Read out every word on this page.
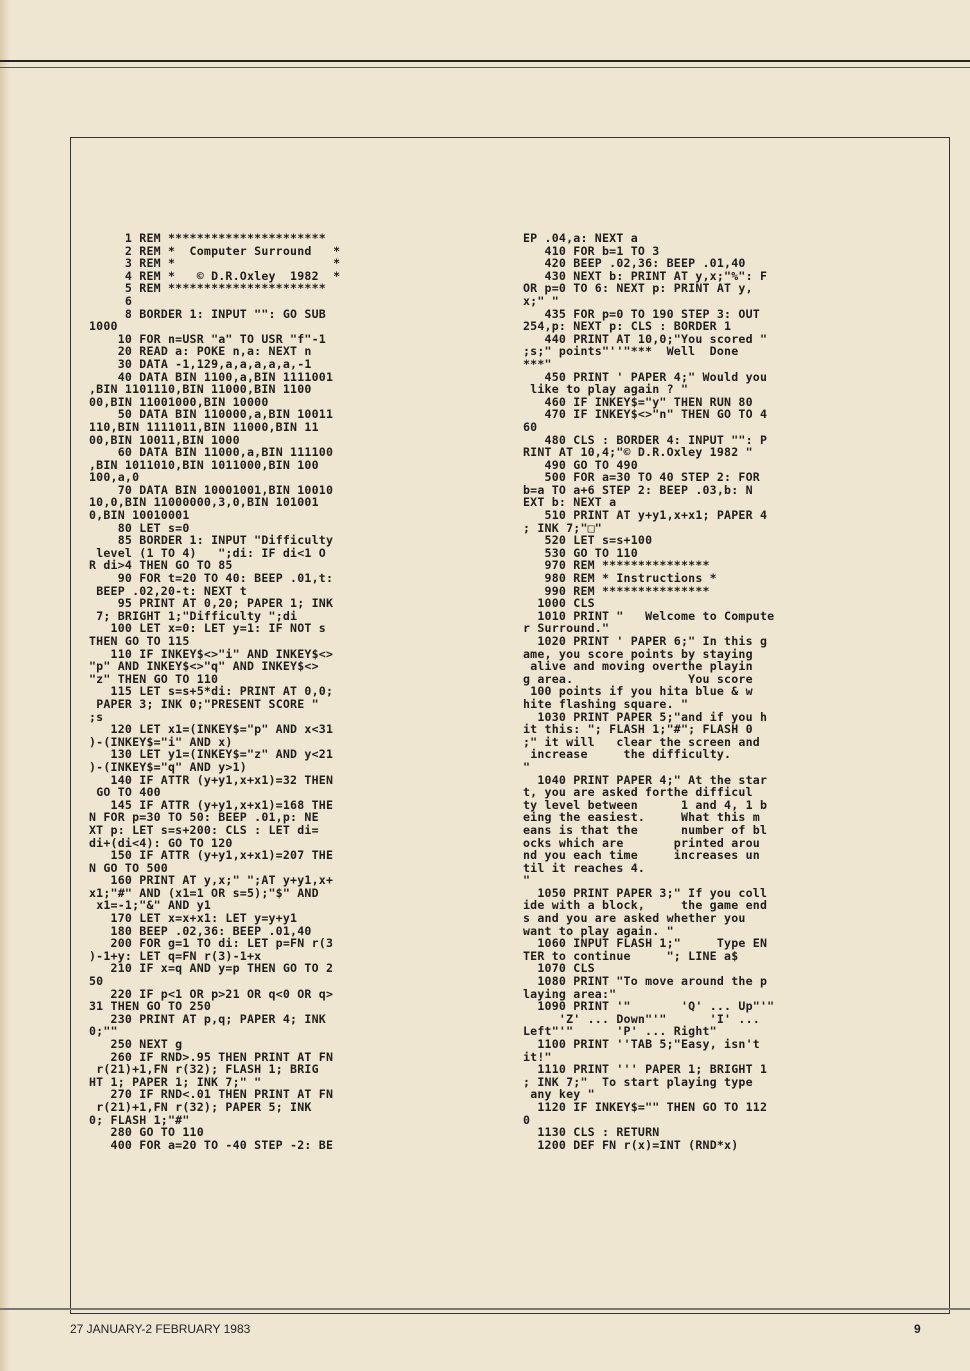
1 REM **********************
2 REM *  Computer Surround   *
3 REM *                      *
4 REM *   © D.R.Oxley  1982  *
5 REM **********************
6
8 BORDER 1: INPUT "": GO SUB
1000
10 FOR n=USR "a" TO USR "f"-1
20 READ a: POKE n,a: NEXT n
30 DATA -1,129,a,a,a,a,a,-1
40 DATA BIN 1100,a,BIN 1111001
,BIN 1101110,BIN 11000,BIN 1100
00,BIN 11001000,BIN 10000
50 DATA BIN 110000,a,BIN 10011
110,BIN 1111011,BIN 11000,BIN 11
00,BIN 10011,BIN 1000
60 DATA BIN 11000,a,BIN 111100
,BIN 1011010,BIN 1011000,BIN 100
100,a,0
70 DATA BIN 10001001,BIN 10010
10,0,BIN 11000000,3,0,BIN 101001
0,BIN 10010001
80 LET s=0
85 BORDER 1: INPUT "Difficulty
level (1 TO 4)   ";di: IF di<1 O
R di>4 THEN GO TO 85
90 FOR t=20 TO 40: BEEP .01,t:
BEEP .02,20-t: NEXT t
95 PRINT AT 0,20; PAPER 1; INK
7; BRIGHT 1;"Difficulty ";di
100 LET x=0: LET y=1: IF NOT s
THEN GO TO 115
110 IF INKEY$<>"i" AND INKEY$<>
"p" AND INKEY$<>"q" AND INKEY$<>
"z" THEN GO TO 110
115 LET s=s+5*di: PRINT AT 0,0;
PAPER 3; INK 0;"PRESENT SCORE "
;s
120 LET x1=(INKEY$="p" AND x<31
)-(INKEY$="i" AND x)
130 LET y1=(INKEY$="z" AND y<21
)-(INKEY$="q" AND y>1)
140 IF ATTR (y+y1,x+x1)=32 THEN
GO TO 400
145 IF ATTR (y+y1,x+x1)=168 THE
N FOR p=30 TO 50: BEEP .01,p: NE
XT p: LET s=s+200: CLS : LET di=
di+(di<4): GO TO 120
150 IF ATTR (y+y1,x+x1)=207 THE
N GO TO 500
160 PRINT AT y,x;" ";AT y+y1,x+
x1;"#" AND (x1=1 OR s=5);"$" AND
x1=-1;"&" AND y1
170 LET x=x+x1: LET y=y+y1
180 BEEP .02,36: BEEP .01,40
200 FOR g=1 TO di: LET p=FN r(3
)-1+y: LET q=FN r(3)-1+x
210 IF x=q AND y=p THEN GO TO 2
50
220 IF p<1 OR p>21 OR q<0 OR q>
31 THEN GO TO 250
230 PRINT AT p,q; PAPER 4; INK
0;""
250 NEXT g
260 IF RND>.95 THEN PRINT AT FN
r(21)+1,FN r(32); FLASH 1; BRIG
HT 1; PAPER 1; INK 7;" "
270 IF RND<.01 THEN PRINT AT FN
r(21)+1,FN r(32); PAPER 5; INK
0; FLASH 1;"#"
280 GO TO 110
400 FOR a=20 TO -40 STEP -2: BE
EP .04,a: NEXT a
410 FOR b=1 TO 3
420 BEEP .02,36: BEEP .01,40
430 NEXT b: PRINT AT y,x;"%": F
OR p=0 TO 6: NEXT p: PRINT AT y,
x;" "
435 FOR p=0 TO 190 STEP 3: OUT
254,p: NEXT p: CLS : BORDER 1
440 PRINT AT 10,0;"You scored "
;s;" points"''"***  Well  Done
***"
450 PRINT ' PAPER 4;" Would you
like to play again ? "
460 IF INKEY$="y" THEN RUN 80
470 IF INKEY$<>"n" THEN GO TO 4
60
480 CLS : BORDER 4: INPUT "": P
RINT AT 10,4;"© D.R.Oxley 1982 "
490 GO TO 490
500 FOR a=30 TO 40 STEP 2: FOR
b=a TO a+6 STEP 2: BEEP .03,b: N
EXT b: NEXT a
510 PRINT AT y+y1,x+x1; PAPER 4
; INK 7;"□"
520 LET s=s+100
530 GO TO 110
970 REM ***************
980 REM * Instructions *
990 REM ***************
1000 CLS
1010 PRINT "   Welcome to Compute
r Surround."
1020 PRINT ' PAPER 6;" In this g
ame, you score points by staying
alive and moving overthe playin
g area.                You score
100 points if you hita blue & w
hite flashing square. "
1030 PRINT PAPER 5;"and if you h
it this: "; FLASH 1;"#"; FLASH 0
;" it will   clear the screen and
increase     the difficulty.
"
1040 PRINT PAPER 4;" At the star
t, you are asked forthe difficul
ty level between      1 and 4, 1 b
eing the easiest.     What this m
eans is that the      number of bl
ocks which are       printed arou
nd you each time     increases un
til it reaches 4.
"
1050 PRINT PAPER 3;" If you coll
ide with a block,     the game end
s and you are asked whether you
want to play again. "
1060 INPUT FLASH 1;"     Type EN
TER to continue     "; LINE a$
1070 CLS
1080 PRINT "To move around the p
laying area:"
1090 PRINT '"       'Q' ... Up"'"
'Z' ... Down"'"      'I' ...
Left"'"      'P' ... Right"
1100 PRINT ''TAB 5;"Easy, isn't
it!"
1110 PRINT ''' PAPER 1; BRIGHT 1
; INK 7;"  To start playing type
any key "
1120 IF INKEY$="" THEN GO TO 112
0
1130 CLS : RETURN
1200 DEF FN r(x)=INT (RND*x)
27 JANUARY-2 FEBRUARY 1983	9
